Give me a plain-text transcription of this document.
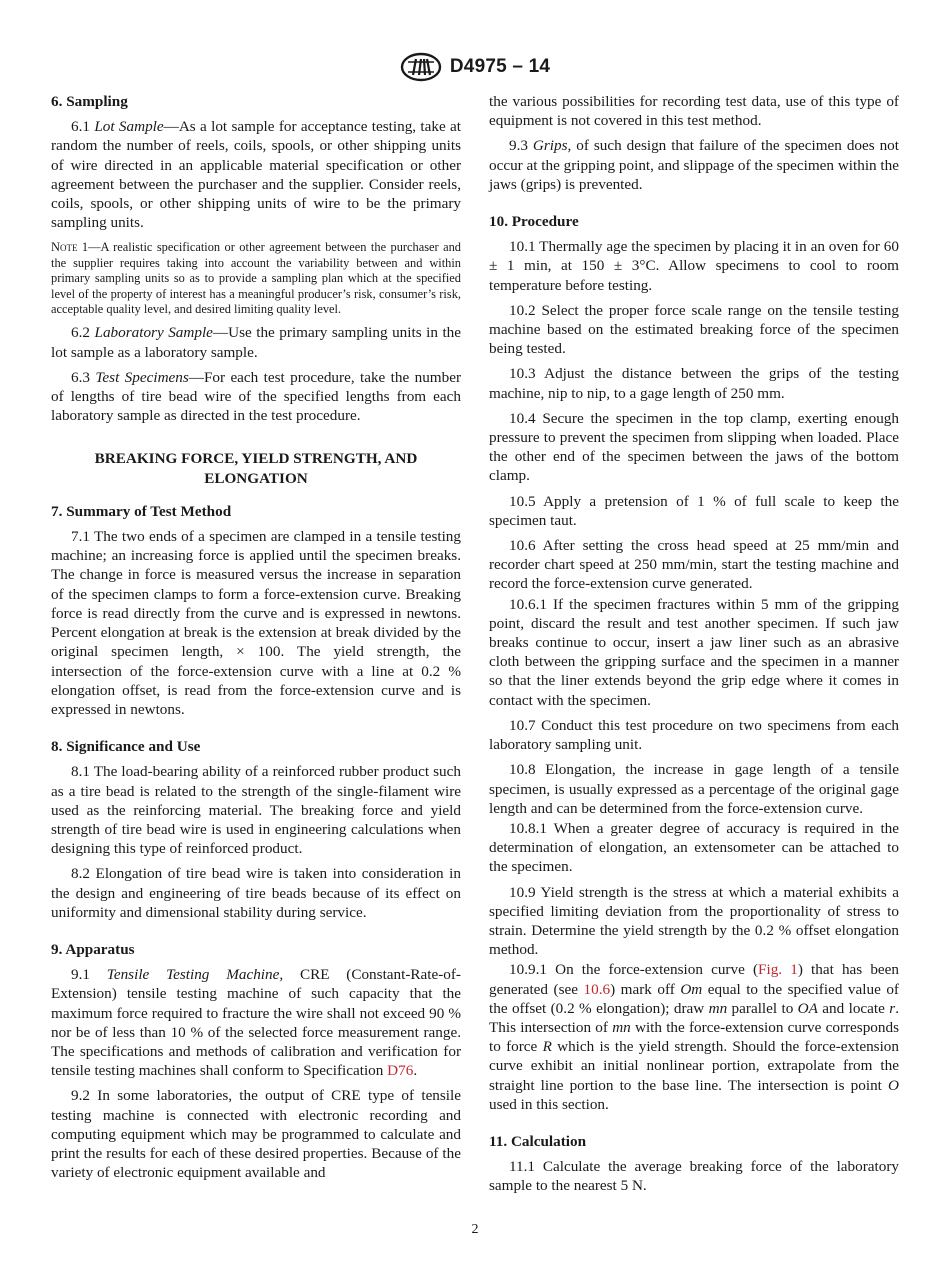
D4975 – 14
6. Sampling

6.1 Lot Sample—As a lot sample for acceptance testing, take at random the number of reels, coils, spools, or other shipping units of wire directed in an applicable material specification or other agreement between the purchaser and the supplier. Consider reels, coils, spools, or other shipping units of wire to be the primary sampling units.

Note 1—A realistic specification or other agreement between the purchaser and the supplier requires taking into account the variability between and within primary sampling units so as to provide a sampling plan which at the specified level of the property of interest has a meaningful producer’s risk, consumer’s risk, acceptable quality level, and desired limiting quality level.

6.2 Laboratory Sample—Use the primary sampling units in the lot sample as a laboratory sample.

6.3 Test Specimens—For each test procedure, take the number of lengths of tire bead wire of the specified lengths from each laboratory sample as directed in the test procedure.

BREAKING FORCE, YIELD STRENGTH, AND ELONGATION
7. Summary of Test Method

7.1 The two ends of a specimen are clamped in a tensile testing machine; an increasing force is applied until the specimen breaks. The change in force is measured versus the increase in separation of the specimen clamps to form a force-extension curve. Breaking force is read directly from the curve and is expressed in newtons. Percent elongation at break is the extension at break divided by the original specimen length, × 100. The yield strength, the intersection of the force-extension curve with a line at 0.2 % elongation offset, is read from the force-extension curve and is expressed in newtons.

8. Significance and Use

8.1 The load-bearing ability of a reinforced rubber product such as a tire bead is related to the strength of the single-filament wire used as the reinforcing material. The breaking force and yield strength of tire bead wire is used in engineering calculations when designing this type of reinforced product.

8.2 Elongation of tire bead wire is taken into consideration in the design and engineering of tire beads because of its effect on uniformity and dimensional stability during service.

9. Apparatus

9.1 Tensile Testing Machine, CRE (Constant-Rate-of-Extension) tensile testing machine of such capacity that the maximum force required to fracture the wire shall not exceed 90 % nor be of less than 10 % of the selected force measurement range. The specifications and methods of calibration and verification for tensile testing machines shall conform to Specification D76.

9.2 In some laboratories, the output of CRE type of tensile testing machine is connected with electronic recording and computing equipment which may be programmed to calculate and print the results for each of these desired properties. Because of the variety of electronic equipment available and

the various possibilities for recording test data, use of this type of equipment is not covered in this test method.

9.3 Grips, of such design that failure of the specimen does not occur at the gripping point, and slippage of the specimen within the jaws (grips) is prevented.

10. Procedure

10.1 Thermally age the specimen by placing it in an oven for 60 ± 1 min, at 150 ± 3°C. Allow specimens to cool to room temperature before testing.

10.2 Select the proper force scale range on the tensile testing machine based on the estimated breaking force of the specimen being tested.

10.3 Adjust the distance between the grips of the testing machine, nip to nip, to a gage length of 250 mm.

10.4 Secure the specimen in the top clamp, exerting enough pressure to prevent the specimen from slipping when loaded. Place the other end of the specimen between the jaws of the bottom clamp.

10.5 Apply a pretension of 1 % of full scale to keep the specimen taut.

10.6 After setting the cross head speed at 25 mm/min and recorder chart speed at 250 mm/min, start the testing machine and record the force-extension curve generated.

10.6.1 If the specimen fractures within 5 mm of the gripping point, discard the result and test another specimen. If such jaw breaks continue to occur, insert a jaw liner such as an abrasive cloth between the gripping surface and the specimen in a manner so that the liner extends beyond the grip edge where it comes in contact with the specimen.

10.7 Conduct this test procedure on two specimens from each laboratory sampling unit.

10.8 Elongation, the increase in gage length of a tensile specimen, is usually expressed as a percentage of the original gage length and can be determined from the force-extension curve.

10.8.1 When a greater degree of accuracy is required in the determination of elongation, an extensometer can be attached to the specimen.

10.9 Yield strength is the stress at which a material exhibits a specified limiting deviation from the proportionality of stress to strain. Determine the yield strength by the 0.2 % offset elongation method.

10.9.1 On the force-extension curve (Fig. 1) that has been generated (see 10.6) mark off Om equal to the specified value of the offset (0.2 % elongation); draw mn parallel to OA and locate r. This intersection of mn with the force-extension curve corresponds to force R which is the yield strength. Should the force-extension curve exhibit an initial nonlinear portion, extrapolate from the straight line portion to the base line. The intersection is point O used in this section.

11. Calculation

11.1 Calculate the average breaking force of the laboratory sample to the nearest 5 N.

2
